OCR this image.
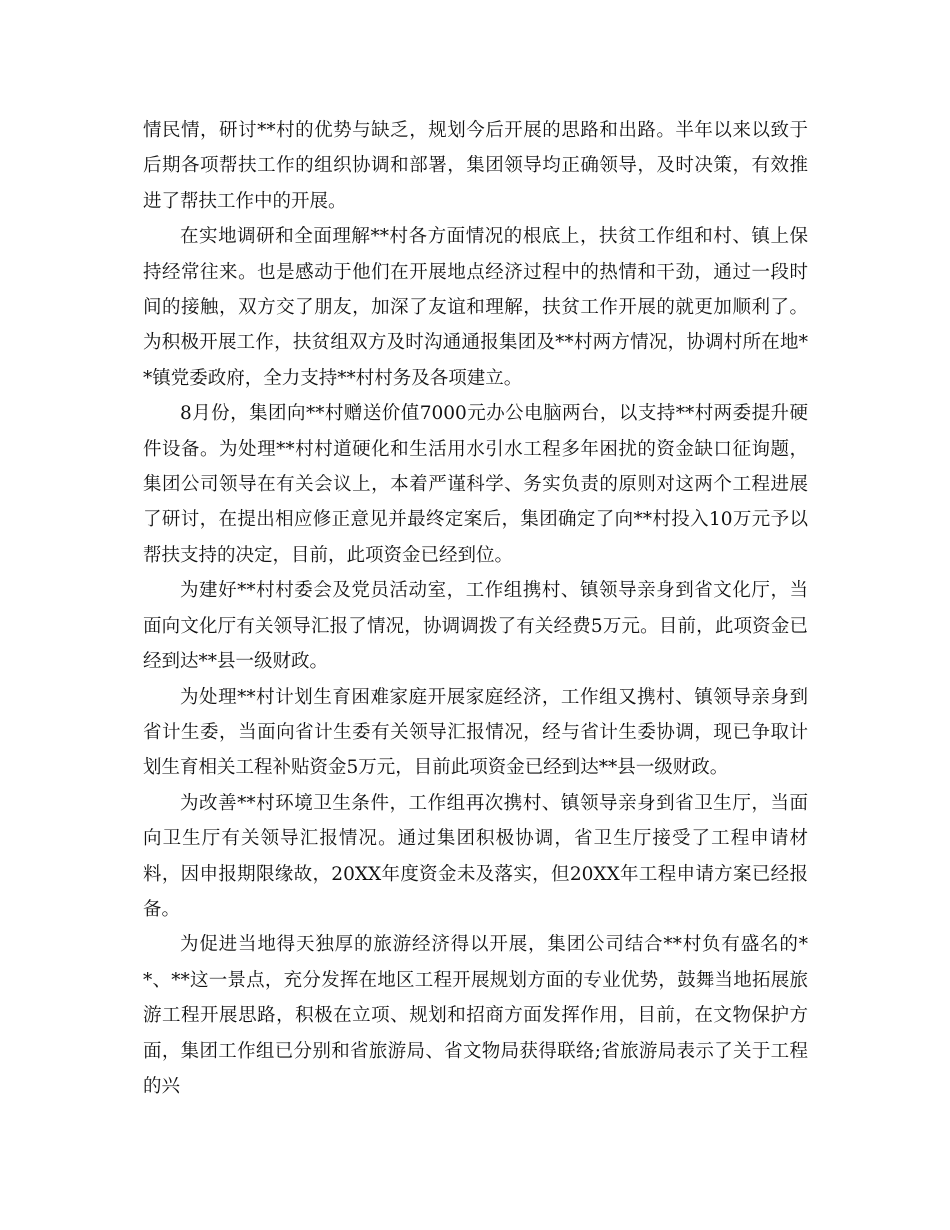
情民情，研讨**村的优势与缺乏，规划今后开展的思路和出路。半年以来以致于后期各项帮扶工作的组织协调和部署，集团领导均正确领导，及时决策，有效推进了帮扶工作中的开展。

在实地调研和全面理解**村各方面情况的根底上，扶贫工作组和村、镇上保持经常往来。也是感动于他们在开展地点经济过程中的热情和干劲，通过一段时间的接触，双方交了朋友，加深了友谊和理解，扶贫工作开展的就更加顺利了。为积极开展工作，扶贫组双方及时沟通通报集团及**村两方情况，协调村所在地**镇党委政府，全力支持**村村务及各项建立。

8月份，集团向**村赠送价值7000元办公电脑两台，以支持**村两委提升硬件设备。为处理**村村道硬化和生活用水引水工程多年困扰的资金缺口征询题，集团公司领导在有关会议上，本着严谨科学、务实负责的原则对这两个工程进展了研讨，在提出相应修正意见并最终定案后，集团确定了向**村投入10万元予以帮扶支持的决定，目前，此项资金已经到位。

为建好**村村委会及党员活动室，工作组携村、镇领导亲身到省文化厅，当面向文化厅有关领导汇报了情况，协调调拨了有关经费5万元。目前，此项资金已经到达**县一级财政。

为处理**村计划生育困难家庭开展家庭经济，工作组又携村、镇领导亲身到省计生委，当面向省计生委有关领导汇报情况，经与省计生委协调，现已争取计划生育相关工程补贴资金5万元，目前此项资金已经到达**县一级财政。

为改善**村环境卫生条件，工作组再次携村、镇领导亲身到省卫生厅，当面向卫生厅有关领导汇报情况。通过集团积极协调，省卫生厅接受了工程申请材料，因申报期限缘故，20XX年度资金未及落实，但20XX年工程申请方案已经报备。

为促进当地得天独厚的旅游经济得以开展，集团公司结合**村负有盛名的**、**这一景点，充分发挥在地区工程开展规划方面的专业优势，鼓舞当地拓展旅游工程开展思路，积极在立项、规划和招商方面发挥作用，目前，在文物保护方面，集团工作组已分别和省旅游局、省文物局获得联络;省旅游局表示了关于工程的兴
